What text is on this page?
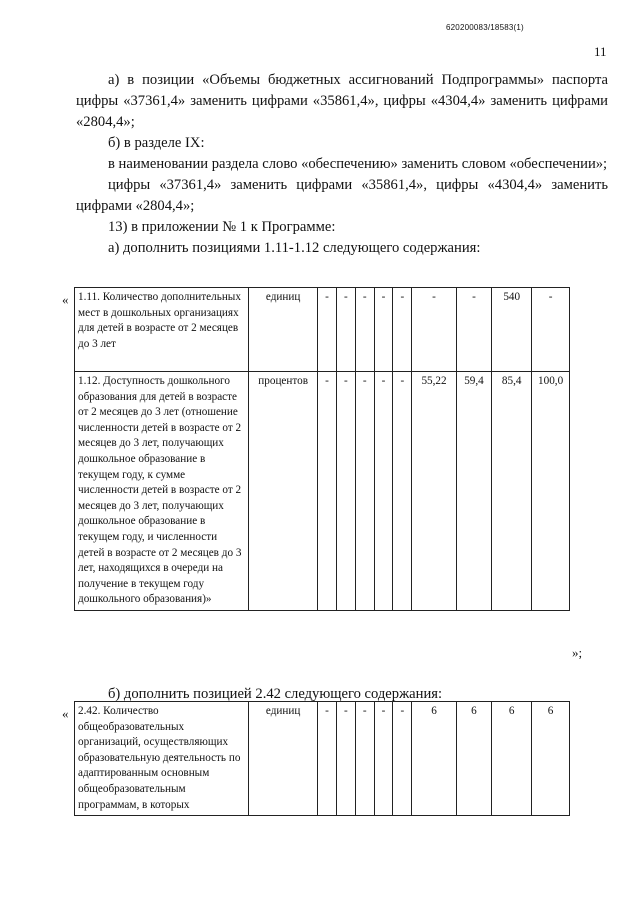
620200083/18583(1)
11

а) в позиции «Объемы бюджетных ассигнований Подпрограммы» паспорта цифры «37361,4» заменить цифрами «35861,4», цифры «4304,4» заменить цифрами «2804,4»;

б) в разделе IX:

в наименовании раздела слово «обеспечению» заменить словом «обеспечении»;

цифры «37361,4» заменить цифрами «35861,4», цифры «4304,4» заменить цифрами «2804,4»;

13) в приложении № 1 к Программе:

а) дополнить позициями 1.11-1.12 следующего содержания:

« 1.11. Количество дополнительных мест в дошкольных организациях для детей в возрасте от 2 месяцев до 3 лет	единиц	-	-	-	-	-	-	-	540	-
1.12. Доступность дошкольного образования для детей в возрасте от 2 месяцев до 3 лет (отношение численности детей в возрасте от 2 месяцев до 3 лет, получающих дошкольное образование в текущем году, к сумме численности детей в возрасте от 2 месяцев до 3 лет, получающих дошкольное образование в текущем году, и численности детей в возрасте от 2 месяцев до 3 лет, находящихся в очереди на получение в текущем году дошкольного образования)»	процентов	-	-	-	-	-	55,22	59,4	85,4	100,0
»;
б) дополнить позицией 2.42 следующего содержания:
« 2.42. Количество общеобразовательных организаций, осуществляющих образовательную деятельность по адаптированным основным общеобразовательным программам, в которых	единиц	-	-	-	-	-	6	6	6	6
